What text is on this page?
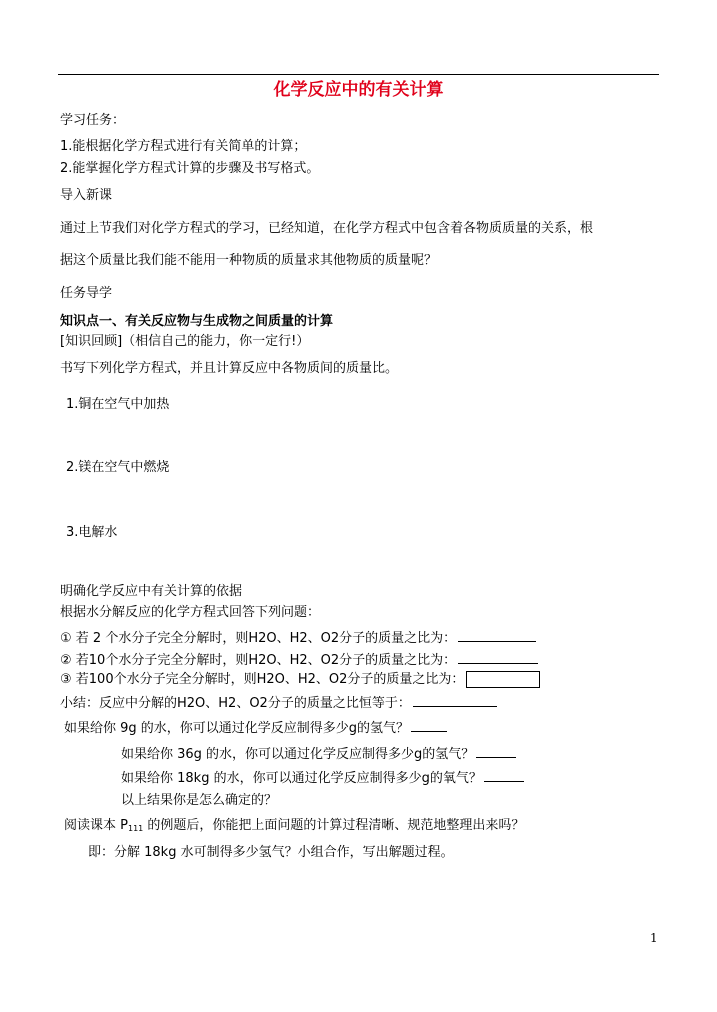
化学反应中的有关计算
学习任务：
1.能根据化学方程式进行有关简单的计算；
2.能掌握化学方程式计算的步骤及书写格式。
导入新课
通过上节我们对化学方程式的学习，已经知道，在化学方程式中包含着各物质质量的关系，根
据这个质量比我们能不能用一种物质的质量求其他物质的质量呢？
任务导学
知识点一、有关反应物与生成物之间质量的计算
[知识回顾]（相信自己的能力，你一定行!）
书写下列化学方程式，并且计算反应中各物质间的质量比。
1.铜在空气中加热
2.镁在空气中燃烧
3.电解水
明确化学反应中有关计算的依据
根据水分解反应的化学方程式回答下列问题：
① 若 2 个水分子完全分解时，则H2O、H2、O2分子的质量之比为：
② 若10个水分子完全分解时，则H2O、H2、O2分子的质量之比为：
③ 若100个水分子完全分解时，则H2O、H2、O2分子的质量之比为：
小结：反应中分解的H2O、H2、O2分子的质量之比恒等于：
如果给你 9g 的水，你可以通过化学反应制得多少g的氢气？
如果给你 36g 的水，你可以通过化学反应制得多少g的氢气？
如果给你 18kg 的水，你可以通过化学反应制得多少g的氧气？
以上结果你是怎么确定的？
阅读课本 $P_{111}$ 的例题后，你能把上面问题的计算过程清晰、规范地整理出来吗？
即：分解 18kg 水可制得多少氢气？小组合作，写出解题过程。
1
